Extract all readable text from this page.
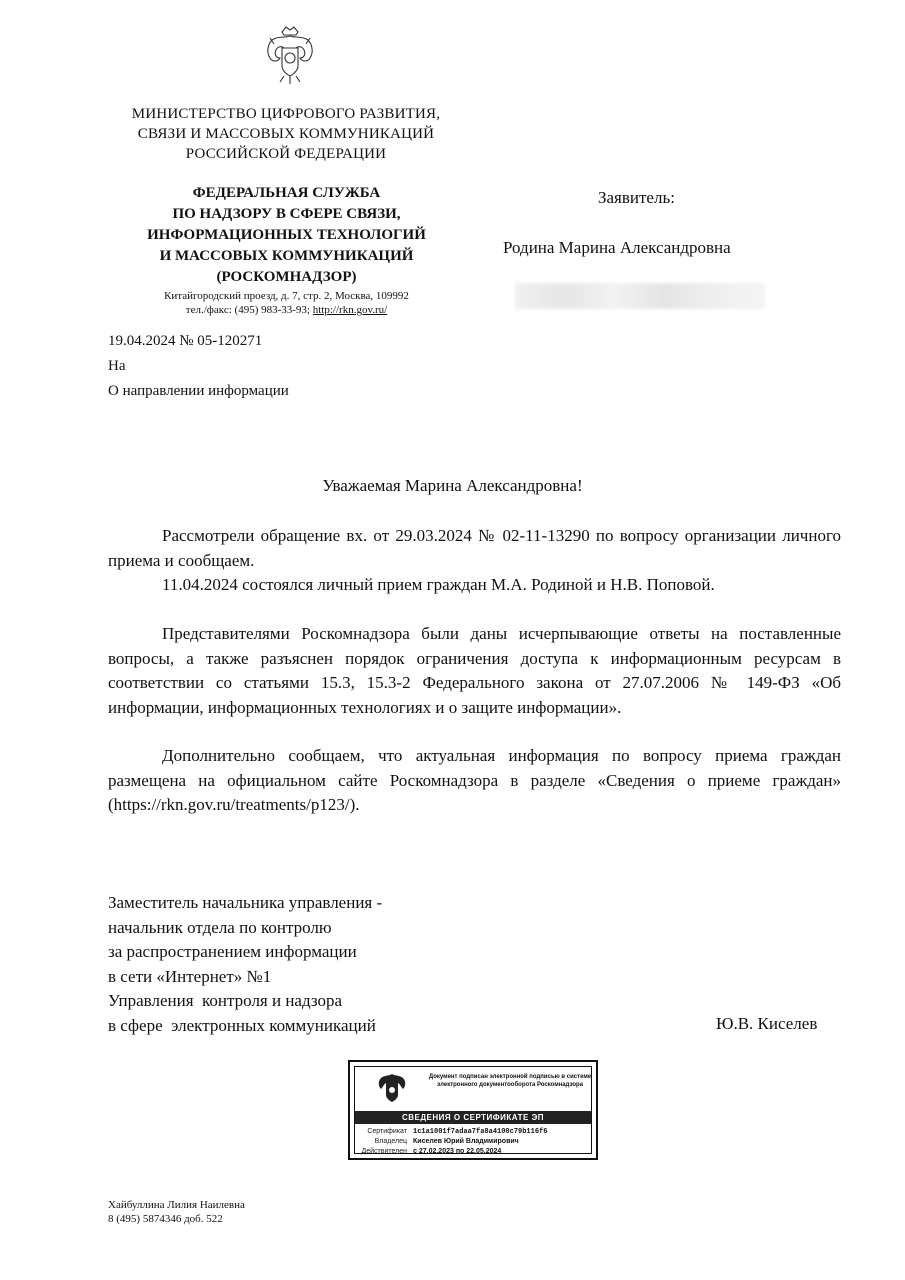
МИНИСТЕРСТВО ЦИФРОВОГО РАЗВИТИЯ,
СВЯЗИ И МАССОВЫХ КОММУНИКАЦИЙ
РОССИЙСКОЙ ФЕДЕРАЦИИ
ФЕДЕРАЛЬНАЯ СЛУЖБА
ПО НАДЗОРУ В СФЕРЕ СВЯЗИ,
ИНФОРМАЦИОННЫХ ТЕХНОЛОГИЙ
И МАССОВЫХ КОММУНИКАЦИЙ
(РОСКОМНАДЗОР)
Китайгородский проезд, д. 7, стр. 2, Москва, 109992
тел./факс: (495) 983-33-93; http://rkn.gov.ru/
Заявитель:
Родина Марина Александровна
19.04.2024 № 05-120271
На
О направлении информации
Уважаемая Марина Александровна!
Рассмотрели обращение вх. от 29.03.2024 № 02-11-13290 по вопросу организации личного приема и сообщаем.
11.04.2024 состоялся личный прием граждан М.А. Родиной и Н.В. Поповой.
Представителями Роскомнадзора были даны исчерпывающие ответы на поставленные вопросы, а также разъяснен порядок ограничения доступа к информационным ресурсам в соответствии со статьями 15.3, 15.3-2 Федерального закона от 27.07.2006 № 149-ФЗ «Об информации, информационных технологиях и о защите информации».
Дополнительно сообщаем, что актуальная информация по вопросу приема граждан размещена на официальном сайте Роскомнадзора в разделе «Сведения о приеме граждан» (https://rkn.gov.ru/treatments/p123/).
Заместитель начальника управления -
начальник отдела по контролю
за распространением информации
в сети «Интернет» №1
Управления  контроля и надзора
в сфере  электронных коммуникаций	Ю.В. Киселев
Документ подписан электронной подписью в системе электронного документооборота Роскомнадзора
СВЕДЕНИЯ О СЕРТИФИКАТЕ ЭП
Сертификат 1c1a1001f7adaa7fa8a4100c79b116f6
Владелец Киселев Юрий Владимирович
Действителен с 27.02.2023 по 22.05.2024
Хайбуллина Лилия Наилевна
8 (495) 5874346 доб. 522
